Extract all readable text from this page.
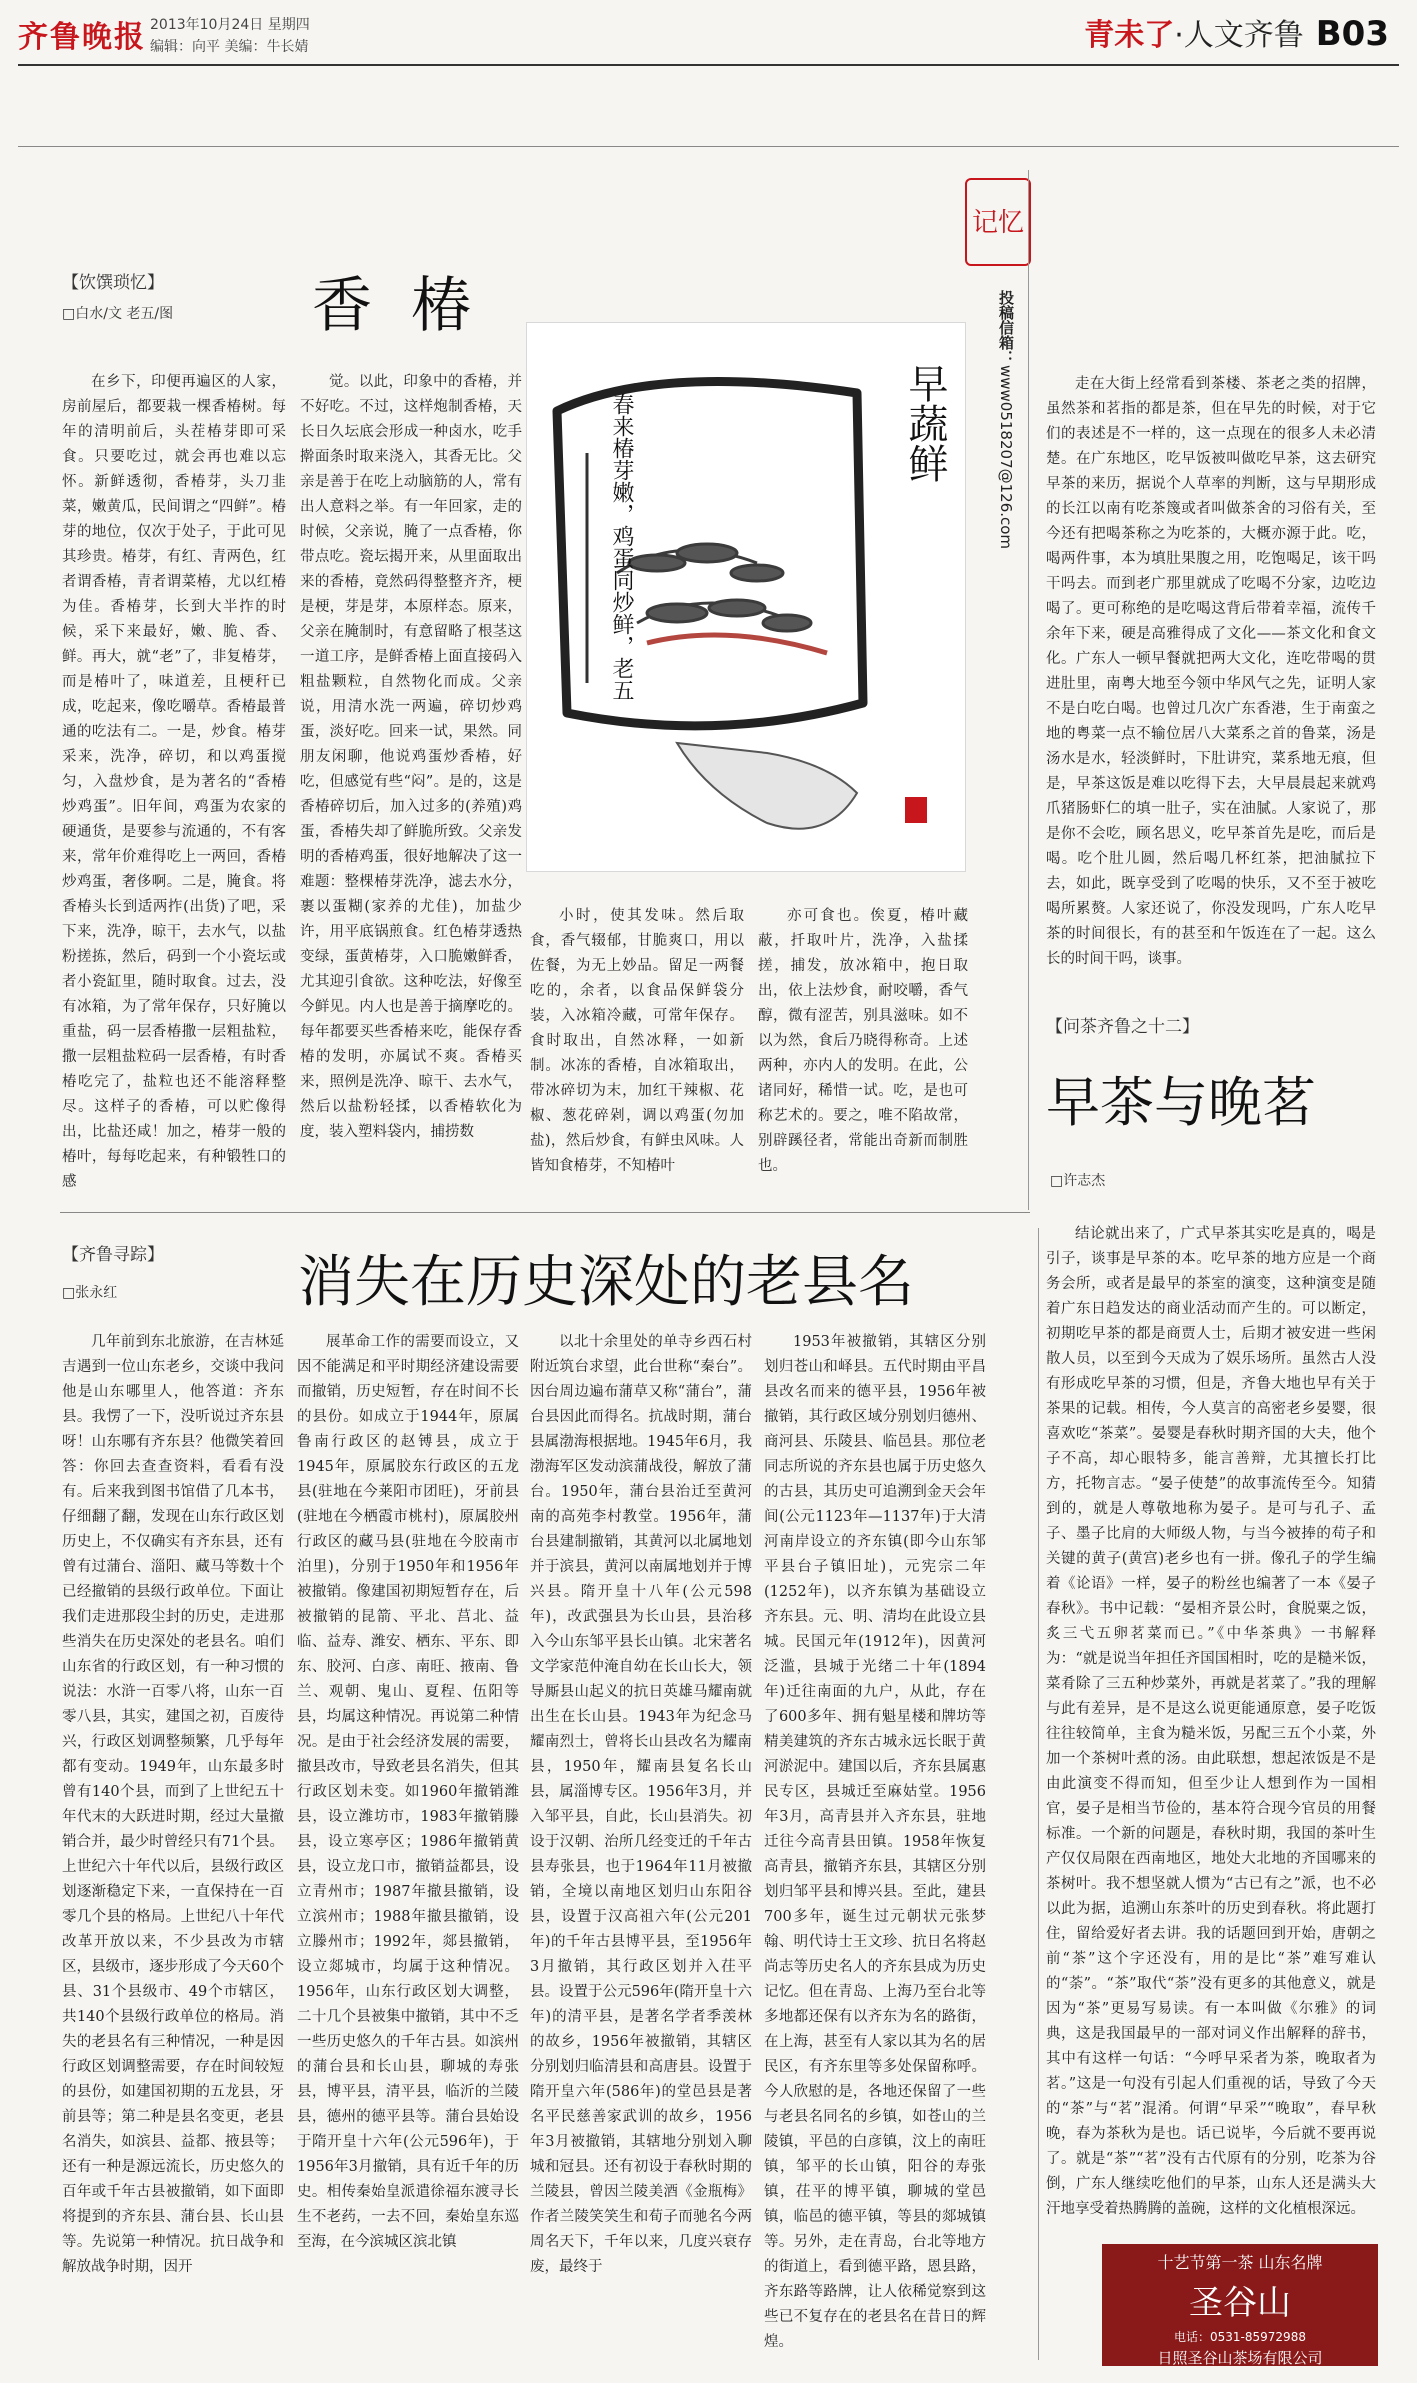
齐鲁晚报 2013年10月24日 星期四
编辑：向平 美编：牛长婧	青未了·人文齐鲁 B03
记忆
投稿信箱：www0518207@126.com
【饮馔琐忆】
□白水/文 老五/图 香 椿
在乡下，印便再遍区的人家，房前屋后，都要栽一棵香椿树。每年的清明前后，头茬椿芽即可采食。只要吃过，就会再也难以忘怀。新鲜透彻，香椿芽，头刀韭菜，嫩黄瓜，民间谓之“四鲜”。椿芽的地位，仅次于处子，于此可见其珍贵。椿芽，有红、青两色，红者谓香椿，青者谓菜椿，尤以红椿为佳。香椿芽，长到大半拃的时候，采下来最好，嫩、脆、香、鲜。再大，就“老”了，非复椿芽，而是椿叶了，味道差，且梗秆已成，吃起来，像吃嚼草。香椿最普通的吃法有二。一是，炒食。椿芽采来，洗净，碎切，和以鸡蛋搅匀，入盘炒食，是为著名的“香椿炒鸡蛋”。旧年间，鸡蛋为农家的硬通货，是要参与流通的，不有客来，常年价难得吃上一两回，香椿炒鸡蛋，奢侈啊。二是，腌食。将香椿头长到适两拃(出货)了吧，采下来，洗净，晾干，去水气，以盐粉搓拣，然后，码到一个小瓷坛或者小瓷缸里，随时取食。过去，没有冰箱，为了常年保存，只好腌以重盐，码一层香椿撒一层粗盐粒，撒一层粗盐粒码一层香椿，有时香椿吃完了，盐粒也还不能溶释整尽。这样子的香椿，可以贮像得出，比盐还咸！加之，椿芽一般的椿叶，每每吃起来，有种锻牲口的感
觉。以此，印象中的香椿，并不好吃。不过，这样炮制香椿，天长日久坛底会形成一种卤水，吃手擀面条时取来浇入，其香无比。父亲是善于在吃上动脑筋的人，常有出人意料之举。有一年回家，走的时候，父亲说，腌了一点香椿，你带点吃。瓷坛揭开来，从里面取出来的香椿，竟然码得整整齐齐，梗是梗，芽是芽，本原样态。原来，父亲在腌制时，有意留略了根茎这一道工序，是鲜香椿上面直接码入粗盐颗粒，自然物化而成。父亲说，用清水洗一两遍，碎切炒鸡蛋，淡好吃。回来一试，果然。同朋友闲聊，他说鸡蛋炒香椿，好吃，但感觉有些“闷”。是的，这是香椿碎切后，加入过多的(养殖)鸡蛋，香椿失却了鲜脆所致。父亲发明的香椿鸡蛋，很好地解决了这一难题：整棵椿芽洗净，滤去水分，裹以蛋糊(家养的尤佳)，加盐少许，用平底锅煎食。红色椿芽透热变绿，蛋黄椿芽，入口脆嫩鲜香，尤其迎引食欲。这种吃法，好像至今鲜见。内人也是善于摘摩吃的。每年都要买些香椿来吃，能保存香椿的发明，亦属试不爽。香椿买来，照例是洗净、晾干、去水气，然后以盐粉轻揉，以香椿软化为度，装入塑料袋内，捕捞数
小时，使其发味。然后取食，香气辍郁，甘脆爽口，用以佐餐，为无上妙品。留足一两餐吃的，余者，以食品保鲜袋分装，入冰箱冷藏，可常年保存。食时取出，自然冰释，一如新制。冰冻的香椿，自冰箱取出，带冰碎切为末，加红干辣椒、花椒、葱花碎剁，调以鸡蛋(勿加盐)，然后炒食，有鲜虫风味。人皆知食椿芽，不知椿叶
亦可食也。俟夏，椿叶藏蔽，扦取叶片，洗净，入盐揉搓，捕发，放冰箱中，抱日取出，依上法炒食，耐咬嚼，香气醇，微有涩苦，别具滋味。如不以为然，食后乃晓得称奇。上述两种，亦内人的发明。在此，公诸同好，稀惜一试。吃，是也可称艺术的。要之，唯不陷故常，别辟蹊径者，常能出奇新而制胜也。
春来椿芽嫩，鸡蛋同炒鲜，老五	早蔬鲜	走在大街上经常看到茶楼、茶老之类的招牌，虽然茶和茗指的都是茶，但在早先的时候，对于它们的表述是不一样的，这一点现在的很多人未必清楚。在广东地区，吃早饭被叫做吃早茶，这去研究早茶的来历，据说个人草率的判断，这与早期形成的长江以南有吃茶篾或者叫做茶舍的习俗有关，至今还有把喝茶称之为吃茶的，大概亦源于此。吃，喝两件事，本为填肚果腹之用，吃饱喝足，该干吗干吗去。而到老广那里就成了吃喝不分家，边吃边喝了。更可称绝的是吃喝这背后带着幸福，流传千余年下来，硬是高雅得成了文化——茶文化和食文化。广东人一顿早餐就把两大文化，连吃带喝的贯进肚里，南粤大地至今领中华风气之先，证明人家不是白吃白喝。也曾过几次广东香港，生于南蛮之地的粤菜一点不输位居八大菜系之首的鲁菜，汤是汤水是水，轻淡鲜时，下肚讲究，菜系地无痕，但是，早茶这饭是难以吃得下去，大早晨晨起来就鸡爪猪肠虾仁的填一肚子，实在油腻。人家说了，那是你不会吃，顾名思义，吃早茶首先是吃，而后是喝。吃个肚儿圆，然后喝几杯红茶，把油腻拉下去，如此，既享受到了吃喝的快乐，又不至于被吃喝所累赘。人家还说了，你没发现吗，广东人吃早茶的时间很长，有的甚至和午饭连在了一起。这么长的时间干吗，谈事。
【问茶齐鲁之十二】
早茶与晚茗
□许志杰
结论就出来了，广式早茶其实吃是真的，喝是引子，谈事是早茶的本。吃早茶的地方应是一个商务会所，或者是最早的茶室的演变，这种演变是随着广东日趋发达的商业活动而产生的。可以断定，初期吃早茶的都是商贾人士，后期才被安进一些闲散人员，以至到今天成为了娱乐场所。虽然古人没有形成吃早茶的习惯，但是，齐鲁大地也早有关于茶果的记载。相传，今人莫言的高密老乡晏婴，很喜欢吃“茶菜”。晏婴是春秋时期齐国的大夫，他个子不高，却心眼特多，能言善辩，尤其擅长打比方，托物言志。“晏子使楚”的故事流传至今。知猜到的，就是人尊敬地称为晏子。是可与孔子、孟子、墨子比肩的大师级人物，与当今被捧的苟子和关键的黄子(黄宫)老乡也有一拼。像孔子的学生编着《论语》一样，晏子的粉丝也编著了一本《晏子春秋》。书中记载：“晏相齐景公时，食脱粟之饭，炙三弋五卵茗菜而已。”《中华茶典》一书解释为：“就是说当年担任齐国国相时，吃的是糙米饭，菜肴除了三五种炒菜外，再就是茗菜了。”我的理解与此有差异，是不是这么说更能通原意，晏子吃饭往往较简单，主食为糙米饭，另配三五个小菜，外加一个茶树叶煮的汤。由此联想，想起浓饭是不是由此演变不得而知，但至少让人想到作为一国相官，晏子是相当节俭的，基本符合现今官员的用餐标准。一个新的问题是，春秋时期，我国的茶叶生产仅仅局限在西南地区，地处大北地的齐国哪来的茶树叶。我不想坚就人惯为“古已有之”派，也不必以此为据，追溯山东茶叶的历史到春秋。将此题打住，留给爱好者去讲。我的话题回到开始，唐朝之前“茶”这个字还没有，用的是比“茶”难写难认的“荼”。“茶”取代“荼”没有更多的其他意义，就是因为“茶”更易写易读。有一本叫做《尔雅》的词典，这是我国最早的一部对词义作出解释的辞书，其中有这样一句话：“今呼早采者为茶，晚取者为茗。”这是一句没有引起人们重视的话，导致了今天的“茶”与“茗”混淆。何谓“早采”“晚取”，春早秋晚，春为茶秋为是也。话已说毕，今后就不要再说了。就是“茶”“茗”没有古代原有的分别，吃茶为谷倒，广东人继续吃他们的早茶，山东人还是满头大汗地享受着热腾腾的盖碗，这样的文化植根深远。
【齐鲁寻踪】
□张永红	消失在历史深处的老县名
几年前到东北旅游，在吉林延吉遇到一位山东老乡，交谈中我问他是山东哪里人，他答道：齐东县。我愣了一下，没听说过齐东县呀！山东哪有齐东县？他微笑着回答：你回去查查资料，看看有没有。后来我到图书馆借了几本书，仔细翻了翻，发现在山东行政区划历史上，不仅确实有齐东县，还有曾有过蒲台、淄阳、藏马等数十个已经撤销的县级行政单位。下面让我们走进那段尘封的历史，走进那些消失在历史深处的老县名。咱们山东省的行政区划，有一种习惯的说法：水浒一百零八将，山东一百零八县，其实，建国之初，百废待兴，行政区划调整频繁，几乎每年都有变动。1949年，山东最多时曾有140个县，而到了上世纪五十年代末的大跃进时期，经过大量撤销合并，最少时曾经只有71个县。上世纪六十年代以后，县级行政区划逐渐稳定下来，一直保持在一百零几个县的格局。上世纪八十年代改革开放以来，不少县改为市辖区，县级市，逐步形成了今天60个县、31个县级市、49个市辖区，共140个县级行政单位的格局。消失的老县名有三种情况，一种是因行政区划调整需要，存在时间较短的县份，如建国初期的五龙县，牙前县等；第二种是县名变更，老县名消失，如滨县、益都、掖县等；还有一种是源远流长，历史悠久的百年或千年古县被撤销，如下面即将提到的齐东县、蒲台县、长山县等。先说第一种情况。抗日战争和解放战争时期，因开
展革命工作的需要而设立，又因不能满足和平时期经济建设需要而撤销，历史短暂，存在时间不长的县份。如成立于1944年，原属鲁南行政区的赵镈县，成立于1945年，原属胶东行政区的五龙县(驻地在今莱阳市团旺)，牙前县(驻地在今栖霞市桃村)，原属胶州行政区的藏马县(驻地在今胶南市泊里)，分别于1950年和1956年被撤销。像建国初期短暂存在，后被撤销的昆箭、平北、莒北、益临、益寿、潍安、栖东、平东、即东、胶河、白彦、南旺、掖南、鲁兰、观朝、鬼山、夏程、伍阳等县，均属这种情况。再说第二种情况。是由于社会经济发展的需要，撤县改市，导致老县名消失，但其行政区划未变。如1960年撤销潍县，设立潍坊市，1983年撤销滕县，设立寒亭区；1986年撤销黄县，设立龙口市，撤销益都县，设立青州市；1987年撤县撤销，设立滨州市；1988年撤县撤销，设立滕州市；1992年，郯县撤销，设立郯城市，均属于这种情况。1956年，山东行政区划大调整，二十几个县被集中撤销，其中不乏一些历史悠久的千年古县。如滨州的蒲台县和长山县，聊城的寿张县，博平县，清平县，临沂的兰陵县，德州的德平县等。蒲台县始设于隋开皇十六年(公元596年)，于1956年3月撤销，具有近千年的历史。相传秦始皇派遣徐福东渡寻长生不老药，一去不回，秦始皇东巡至海，在今滨城区滨北镇
以北十余里处的单寺乡西石村附近筑台求望，此台世称“秦台”。因台周边遍布蒲草又称“蒲台”，蒲台县因此而得名。抗战时期，蒲台县属渤海根据地。1945年6月，我渤海军区发动滨蒲战役，解放了蒲台。1950年，蒲台县治迁至黄河南的高苑李村教堂。1956年，蒲台县建制撤销，其黄河以北属地划并于滨县，黄河以南属地划并于博兴县。隋开皇十八年(公元598年)，改武强县为长山县，县治移入今山东邹平县长山镇。北宋著名文学家范仲淹自幼在长山长大，领导厮县山起义的抗日英雄马耀南就出生在长山县。1943年为纪念马耀南烈士，曾将长山县改名为耀南县，1950年，耀南县复名长山县，属淄博专区。1956年3月，并入邹平县，自此，长山县消失。初设于汉朝、治所几经变迁的千年古县寿张县，也于1964年11月被撤销，全境以南地区划归山东阳谷县，设置于汉高祖六年(公元201年)的千年古县博平县，至1956年3月撤销，其行政区划并入茌平县。设置于公元596年(隋开皇十六年)的清平县，是著名学者季羡林的故乡，1956年被撤销，其辖区分别划归临清县和高唐县。设置于隋开皇六年(586年)的堂邑县是著名平民慈善家武训的故乡，1956年3月被撤销，其辖地分别划入聊城和冠县。还有初设于春秋时期的兰陵县，曾因兰陵美酒《金瓶梅》作者兰陵笑笑生和荀子而驰名今两周名天下，千年以来，几度兴衰存废，最终于
1953年被撤销，其辖区分别划归苍山和峄县。五代时期由平昌县改名而来的德平县，1956年被撤销，其行政区域分别划归德州、商河县、乐陵县、临邑县。那位老同志所说的齐东县也属于历史悠久的古县，其历史可追溯到金天会年间(公元1123年—1137年)于大清河南岸设立的齐东镇(即今山东邹平县台子镇旧址)，元宪宗二年(1252年)，以齐东镇为基础设立齐东县。元、明、清均在此设立县城。民国元年(1912年)，因黄河泛滥，县城于光绪二十年(1894年)迁往南面的九户，从此，存在了600多年、拥有魁星楼和牌坊等精美建筑的齐东古城永远长眠于黄河淤泥中。建国以后，齐东县属惠民专区，县城迁至麻姑堂。1956年3月，高青县并入齐东县，驻地迁往今高青县田镇。1958年恢复高青县，撤销齐东县，其辖区分别划归邹平县和博兴县。至此，建县700多年，诞生过元朝状元张梦翰、明代诗士王文珍、抗日名将赵尚志等历史名人的齐东县成为历史记忆。但在青岛、上海乃至台北等多地都还保有以齐东为名的路街，在上海，甚至有人家以其为名的居民区，有齐东里等多处保留称呼。今人欣慰的是，各地还保留了一些与老县名同名的乡镇，如苍山的兰陵镇，平邑的白彦镇，汶上的南旺镇，邹平的长山镇，阳谷的寿张镇，茌平的博平镇，聊城的堂邑镇，临邑的德平镇，等县的郯城镇等。另外，走在青岛，台北等地方的街道上，看到德平路，恩县路，齐东路等路牌，让人依稀觉察到这些已不复存在的老县名在昔日的辉煌。
十艺节第一茶 山东名牌
圣谷山
电话：0531-85972988
日照圣谷山茶场有限公司
